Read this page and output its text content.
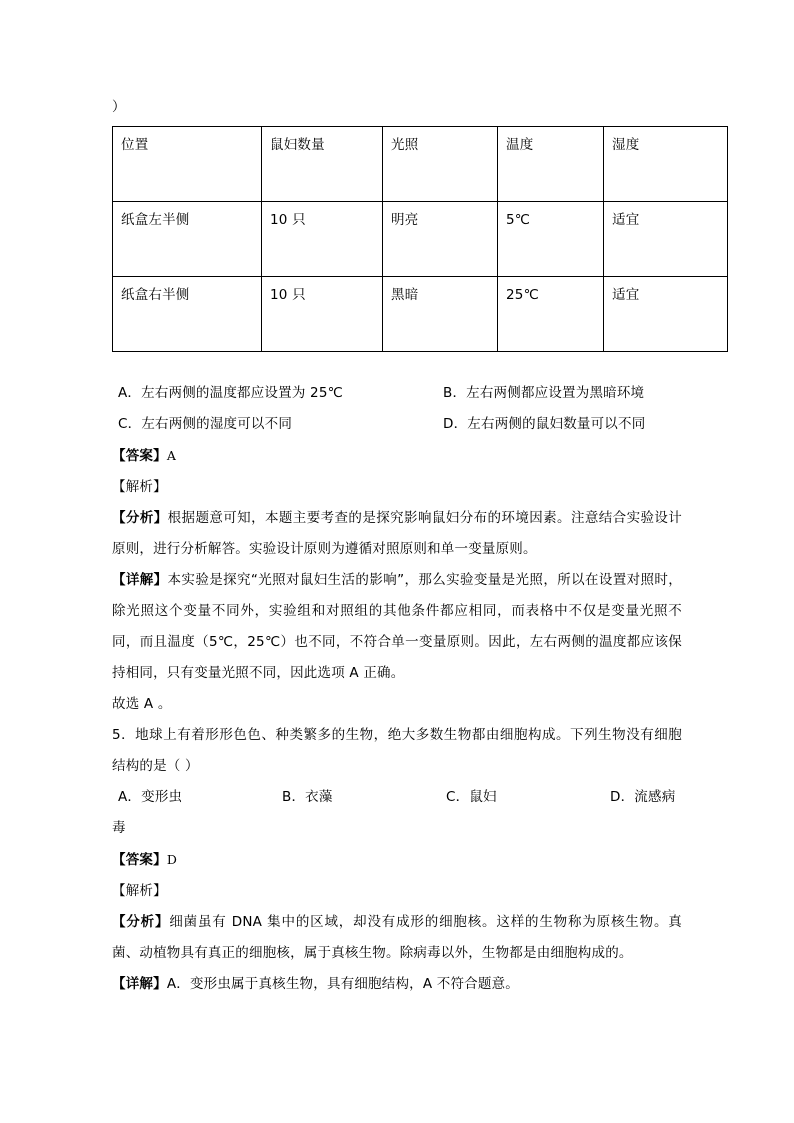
）
位置	鼠妇数量	光照	温度	湿度
纸盒左半侧	10 只	明亮	5℃	适宜
纸盒右半侧	10 只	黑暗	25℃	适宜
A．左右两侧的温度都应设置为 25℃	B．左右两侧都应设置为黑暗环境
C．左右两侧的湿度可以不同	D．左右两侧的鼠妇数量可以不同
【答案】A
【解析】
【分析】根据题意可知，本题主要考查的是探究影响鼠妇分布的环境因素。注意结合实验设计原则，进行分析解答。实验设计原则为遵循对照原则和单一变量原则。
【详解】本实验是探究“光照对鼠妇生活的影响”，那么实验变量是光照，所以在设置对照时，除光照这个变量不同外，实验组和对照组的其他条件都应相同，而表格中不仅是变量光照不同，而且温度（5℃，25℃）也不同，不符合单一变量原则。因此，左右两侧的温度都应该保持相同，只有变量光照不同，因此选项 A 正确。
故选 A 。
5．地球上有着形形色色、种类繁多的生物，绝大多数生物都由细胞构成。下列生物没有细胞结构的是（ ）
A．变形虫	B．衣藻	C．鼠妇	D．流感病
毒
【答案】D
【解析】
【分析】细菌虽有 DNA 集中的区域，却没有成形的细胞核。这样的生物称为原核生物。真菌、动植物具有真正的细胞核，属于真核生物。除病毒以外，生物都是由细胞构成的。
【详解】A．变形虫属于真核生物，具有细胞结构，A 不符合题意。
